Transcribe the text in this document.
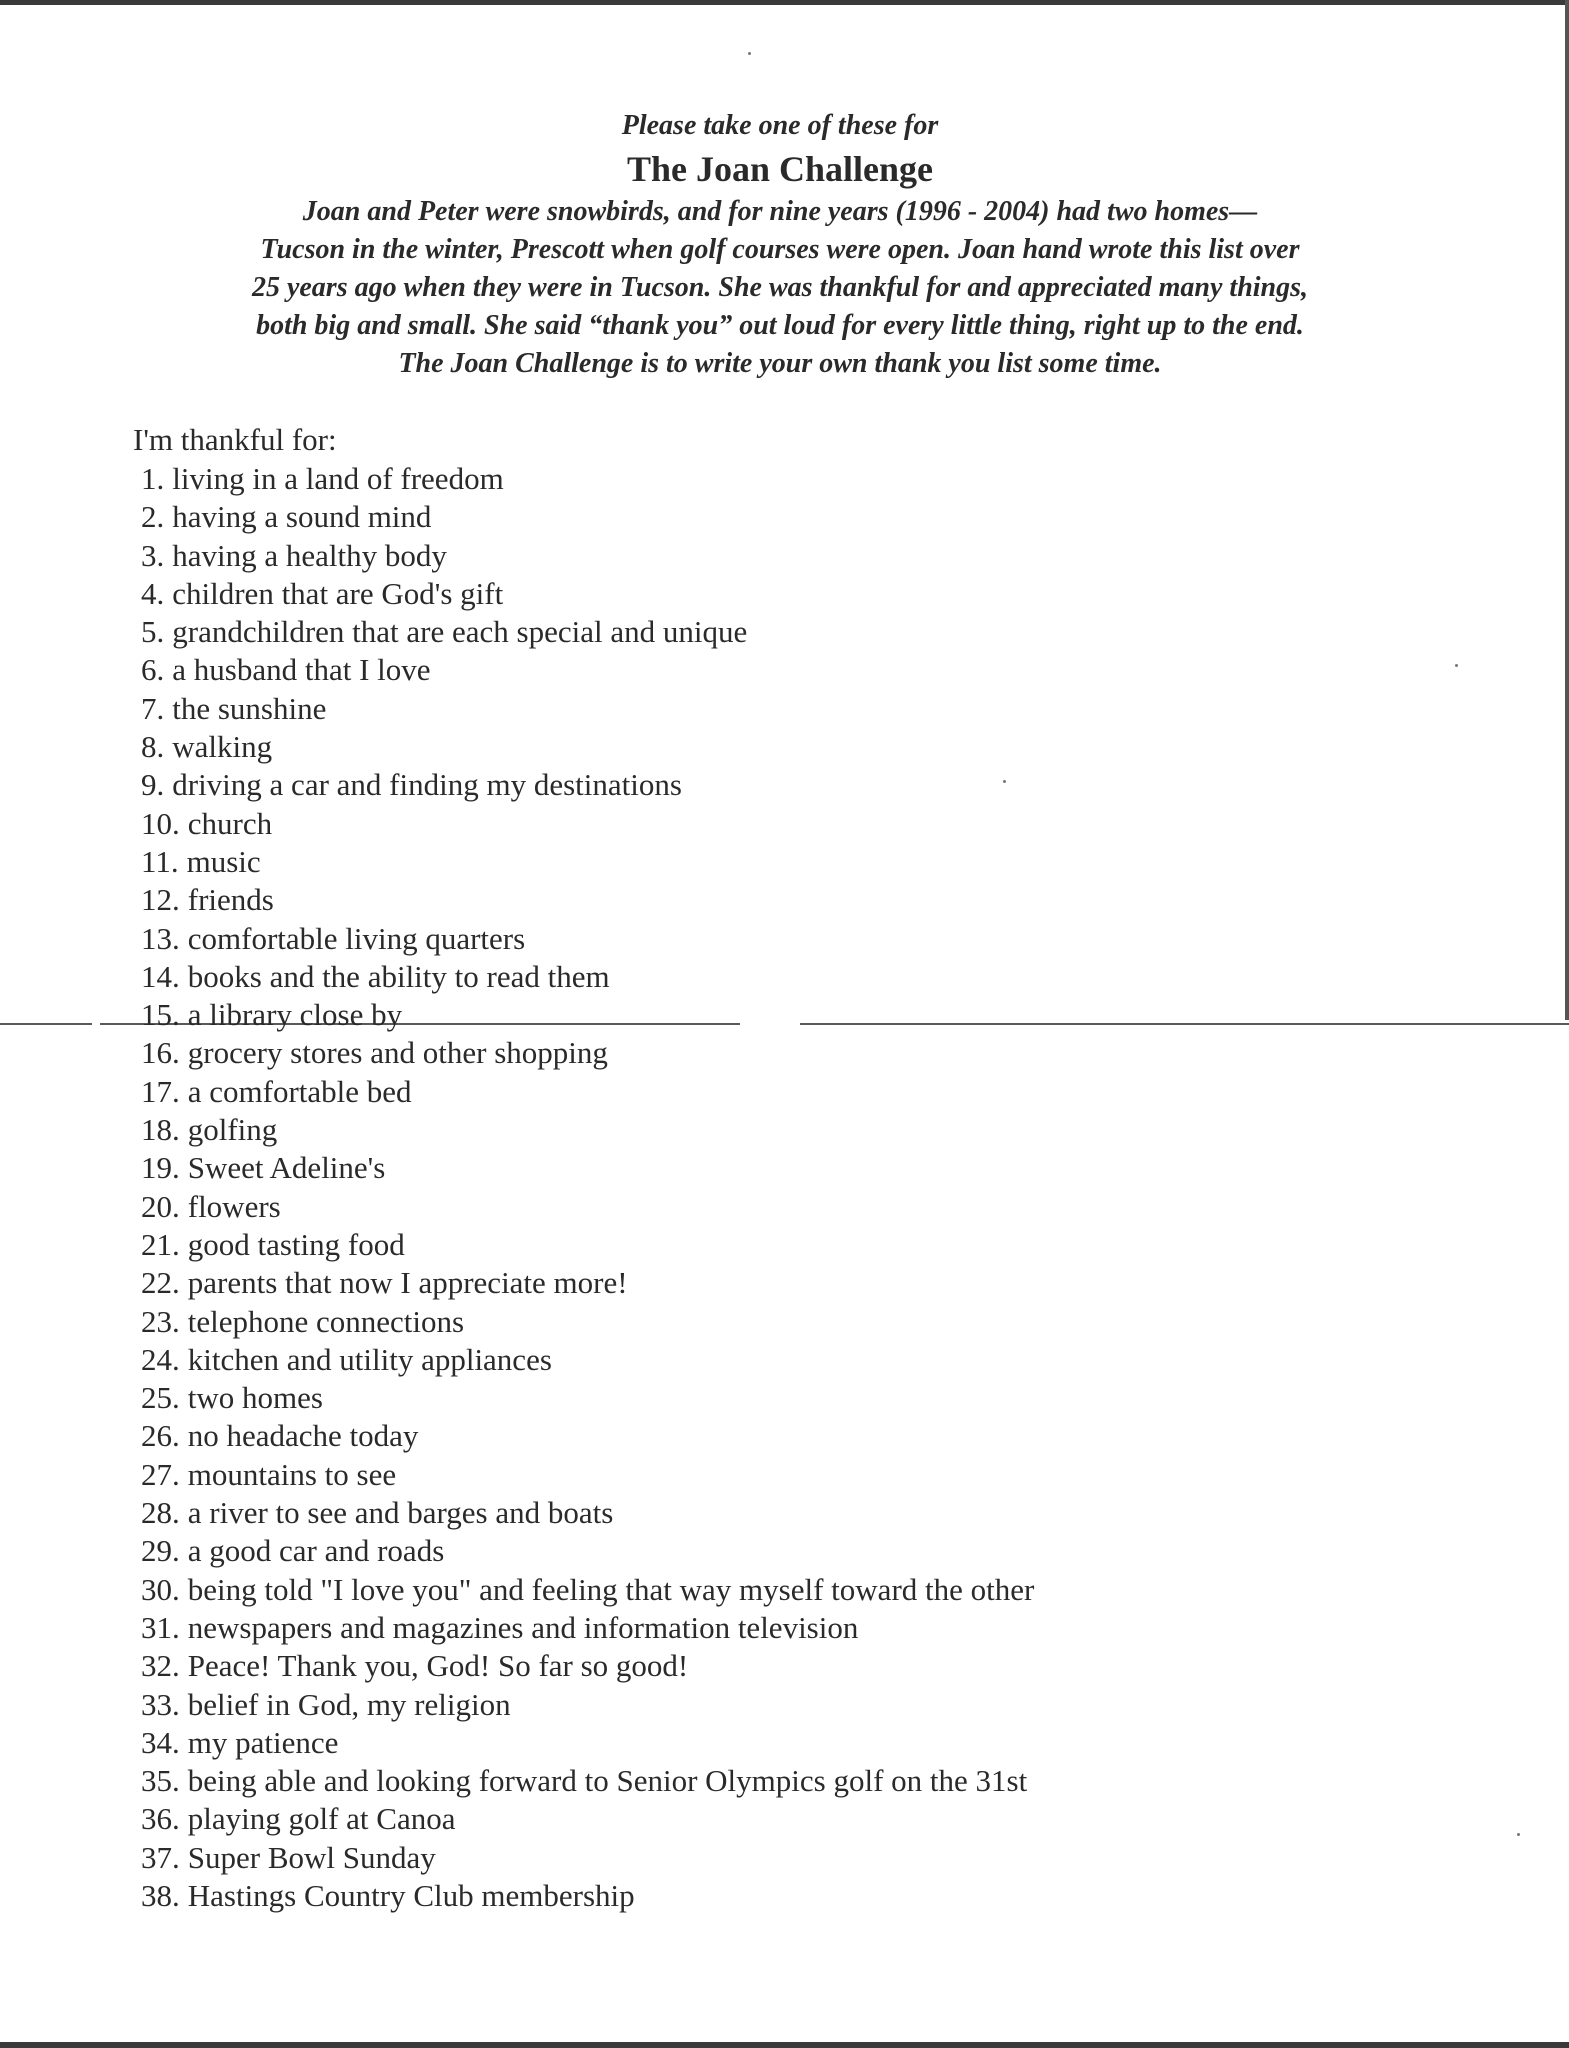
Please take one of these for

The Joan Challenge

Joan and Peter were snowbirds, and for nine years (1996 - 2004) had two homes—

Tucson in the winter, Prescott when golf courses were open. Joan hand wrote this list over

25 years ago when they were in Tucson. She was thankful for and appreciated many things,

both big and small. She said “thank you” out loud for every little thing, right up to the end.

The Joan Challenge is to write your own thank you list some time.

I'm thankful for:

1. living in a land of freedom
2. having a sound mind
3. having a healthy body
4. children that are God's gift
5. grandchildren that are each special and unique
6. a husband that I love
7. the sunshine
8. walking
9. driving a car and finding my destinations
10. church
11. music
12. friends
13. comfortable living quarters
14. books and the ability to read them
15. a library close by
16. grocery stores and other shopping
17. a comfortable bed
18. golfing
19. Sweet Adeline's
20. flowers
21. good tasting food
22. parents that now I appreciate more!
23. telephone connections
24. kitchen and utility appliances
25. two homes
26. no headache today
27. mountains to see
28. a river to see and barges and boats
29. a good car and roads
30. being told "I love you" and feeling that way myself toward the other
31. newspapers and magazines and information television
32. Peace! Thank you, God! So far so good!
33. belief in God, my religion
34. my patience
35. being able and looking forward to Senior Olympics golf on the 31st
36. playing golf at Canoa
37. Super Bowl Sunday
38. Hastings Country Club membership
